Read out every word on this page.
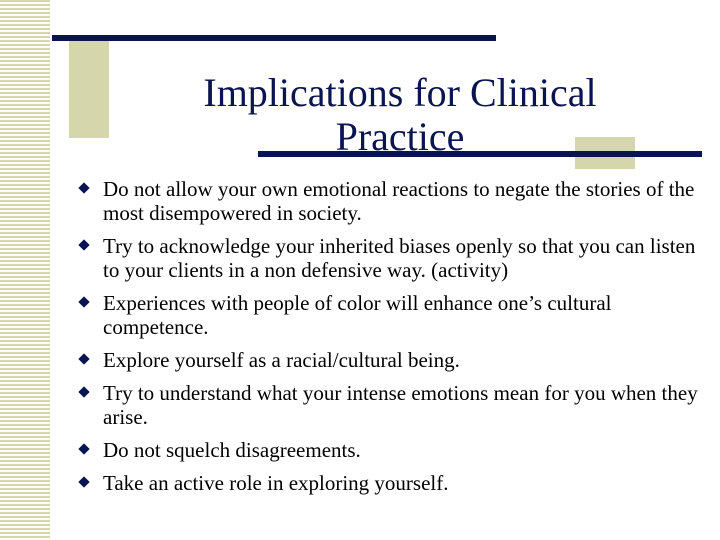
Implications for Clinical Practice
Do not allow your own emotional reactions to negate the stories of the most disempowered in society.
Try to acknowledge your inherited biases openly so that you can listen to your clients in a non defensive way. (activity)
Experiences with people of color will enhance one’s cultural competence.
Explore yourself as a racial/cultural being.
Try to understand what your intense emotions mean for you when they arise.
Do not squelch disagreements.
Take an active role in exploring yourself.
